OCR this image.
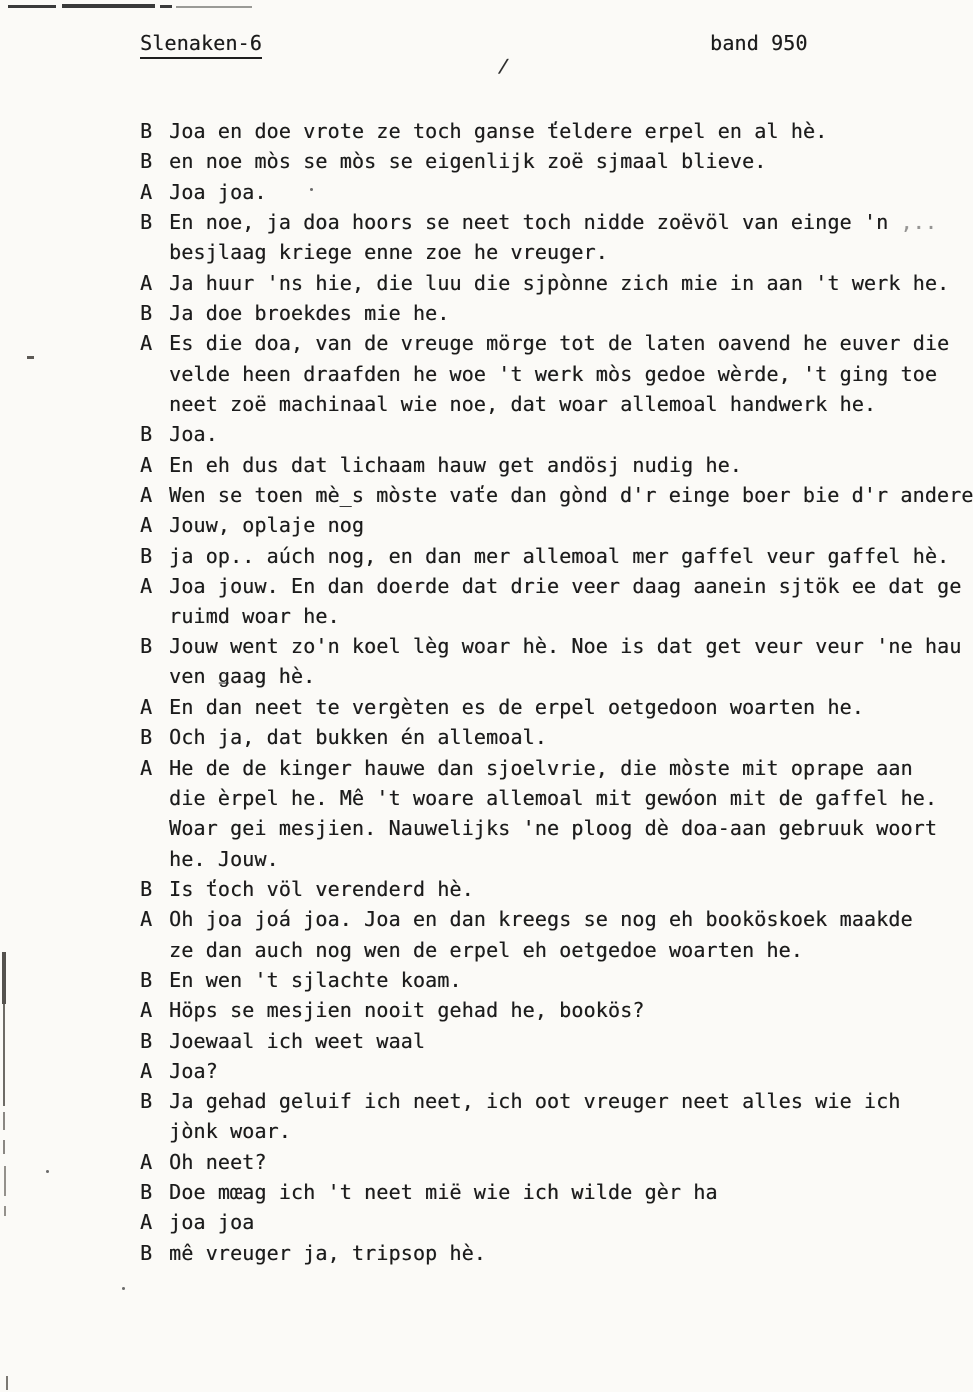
/
Slenaken-6	band 950
B Joa en doe vrote ze toch ganse ťeldere erpel en al hè.
B en noe mòs se mòs se eigenlijk zoë sjmaal blieve.
A Joa joa.
B En noe, ja doa hoors se neet toch nidde zoëvöl van einge 'n ,..
besjlaag kriege enne zoe he vreuger.
A Ja huur 'ns hie, die luu die sjpònne zich mie in aan 't werk he.
B Ja doe broekdes mie he.
A Es die doa, van de vreuge mörge tot de laten oavend he euver die
velde heen draafden he woe 't werk mòs gedoe wèrde, 't ging toe
neet zoë machinaal wie noe, dat woar allemoal handwerk he.
B Joa.
A En eh dus dat lichaam hauw get andösj nudig he.
A Wen se toen mè̲s mòste vaťe dan gònd d'r einge boer bie d'r andere
A Jouw, oplaje nog
B ja op.. aúch nog, en dan mer allemoal mer gaffel veur gaffel hè.
A Joa jouw. En dan doerde dat drie veer daag aanein sjtök ee dat ge
ruimd woar he.
B Jouw went zo'n koel lèg woar hè. Noe is dat get veur veur 'ne hau
ven ǥaag hè.
A En dan neet te vergèten es de erpel oetgedoon woarten he.
B Och ja, dat bukken én allemoal.
A He de de kinger hauwe dan sjoelvrie, die mòste mit oprape aan
die èrpel he. Mê 't woare allemoal mit gewóon mit de gaffel he.
Woar gei mesjien. Nauwelijks 'ne ploog dè doa-aan gebruuk woort
he. Jouw.
B Is ťoch völ verenderd hè.
A Oh joa joá joa. Joa en dan kreegs se nog eh booköskoek maakde
ze dan auch nog wen de erpel eh oetgedoe woarten he.
B En wen 't sjlachte koam.
A Höps se mesjien nooit gehad he, bookös?
B Joewaal ich weet waal
A Joa?
B Ja gehad geluif ich neet, ich oot vreuger neet alles wie ich
jònk woar.
A Oh neet?
B Doe mœag ich 't neet mië wie ich wilde gèr ha
A joa joa
B mê vreuger ja, tripsop hè.
